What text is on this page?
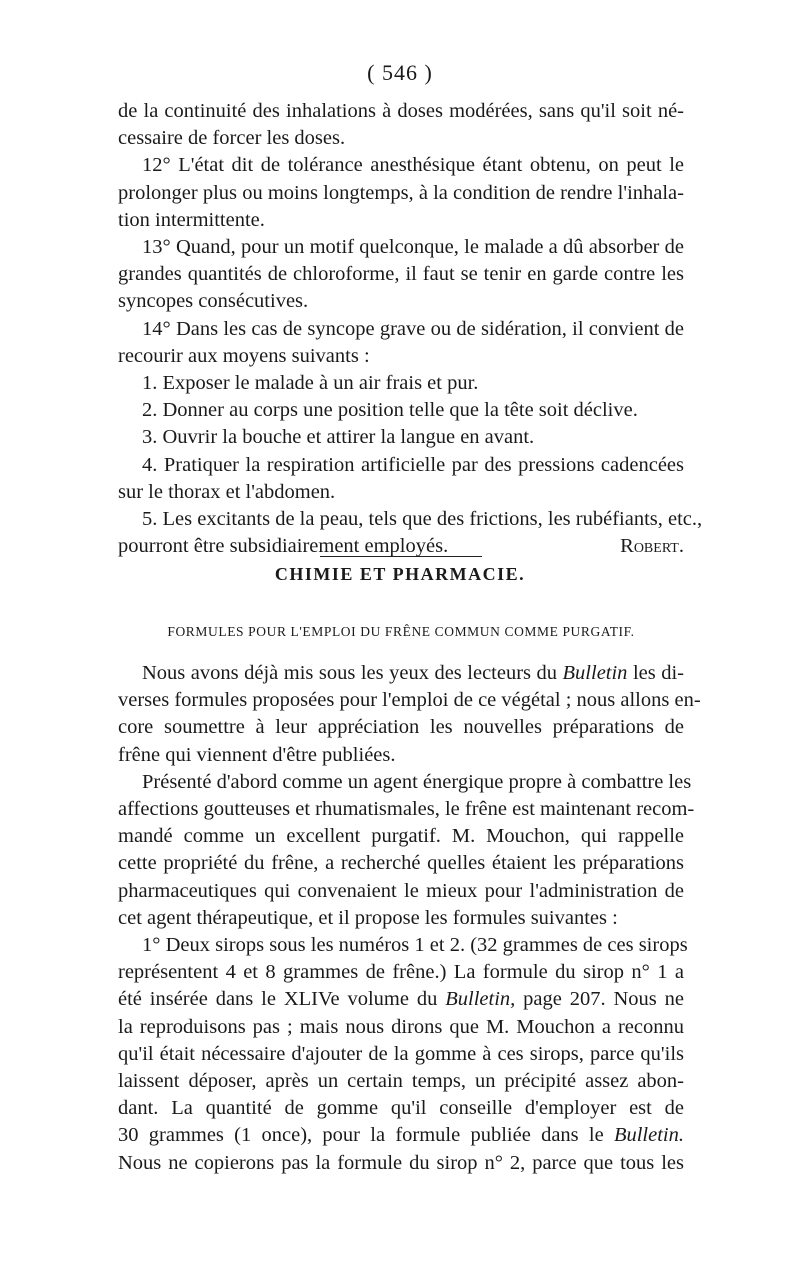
( 546 )
de la continuité des inhalations à doses modérées, sans qu'il soit né-
cessaire de forcer les doses.
12° L'état dit de tolérance anesthésique étant obtenu, on peut le
prolonger plus ou moins longtemps, à la condition de rendre l'inhala-
tion intermittente.
13° Quand, pour un motif quelconque, le malade a dû absorber de
grandes quantités de chloroforme, il faut se tenir en garde contre les
syncopes consécutives.
14° Dans les cas de syncope grave ou de sidération, il convient de
recourir aux moyens suivants :
1. Exposer le malade à un air frais et pur.
2. Donner au corps une position telle que la tête soit déclive.
3. Ouvrir la bouche et attirer la langue en avant.
4. Pratiquer la respiration artificielle par des pressions cadencées
sur le thorax et l'abdomen.
5. Les excitants de la peau, tels que des frictions, les rubéfiants, etc.,
pourront être subsidiairement employés.	Robert.
CHIMIE ET PHARMACIE.
FORMULES POUR L'EMPLOI DU FRÊNE COMMUN COMME PURGATIF.
Nous avons déjà mis sous les yeux des lecteurs du Bulletin les di-
verses formules proposées pour l'emploi de ce végétal ; nous allons en-
core soumettre à leur appréciation les nouvelles préparations de
frêne qui viennent d'être publiées.
Présenté d'abord comme un agent énergique propre à combattre les
affections goutteuses et rhumatismales, le frêne est maintenant recom-
mandé comme un excellent purgatif. M. Mouchon, qui rappelle
cette propriété du frêne, a recherché quelles étaient les préparations
pharmaceutiques qui convenaient le mieux pour l'administration de
cet agent thérapeutique, et il propose les formules suivantes :
1° Deux sirops sous les numéros 1 et 2. (32 grammes de ces sirops
représentent 4 et 8 grammes de frêne.) La formule du sirop n° 1 a
été insérée dans le XLIVe volume du Bulletin, page 207. Nous ne
la reproduisons pas ; mais nous dirons que M. Mouchon a reconnu
qu'il était nécessaire d'ajouter de la gomme à ces sirops, parce qu'ils
laissent déposer, après un certain temps, un précipité assez abon-
dant. La quantité de gomme qu'il conseille d'employer est de
30 grammes (1 once), pour la formule publiée dans le Bulletin.
Nous ne copierons pas la formule du sirop n° 2, parce que tous les
